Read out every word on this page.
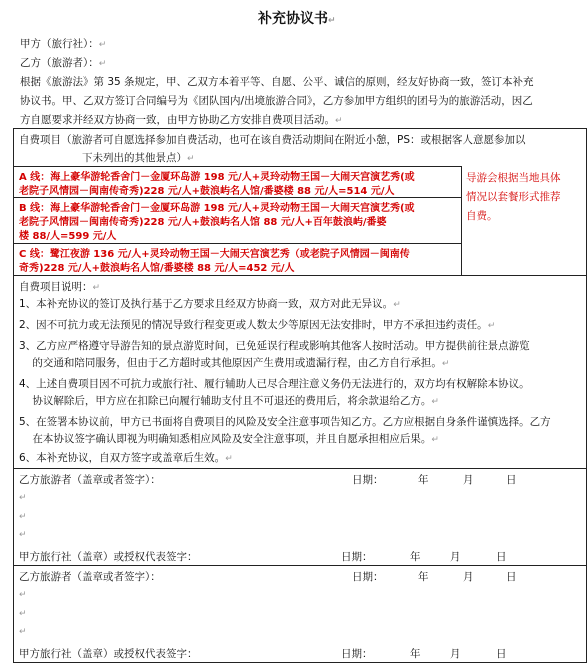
补充协议书↵
甲方（旅行社）：↵
乙方（旅游者）：↵
根据《旅游法》第 35 条规定，甲、乙双方本着平等、自愿、公平、诚信的原则，经友好协商一致，签订本补充
协议书。甲、乙双方签订合同编号为《团队国内/出境旅游合同》，乙方参加甲方组织的团号为的旅游活动，因乙
方自愿要求并经双方协商一致，由甲方协助乙方安排自费项目活动。↵
自费项目（旅游者可自愿选择参加自费活动，也可在该自费活动期间在附近小憩，PS：或根据客人意愿参加以
下未列出的其他景点）↵
A 线：海上豪华游轮香舍门－金厦环岛游 198 元/人+灵玲动物王国－大闹天宫演艺秀(或
老院子风情园－闽南传奇秀)228 元/人+鼓浪屿名人馆/番婆楼 88 元/人=514 元/人
B 线：海上豪华游轮香舍门－金厦环岛游 198 元/人+灵玲动物王国－大闹天宫演艺秀(或
老院子风情园－闽南传奇秀)228 元/人+鼓浪屿名人馆 88 元/人+百年鼓浪屿/番婆
楼 88/人=599 元/人
C 线：鹭江夜游 136 元/人+灵玲动物王国－大闹天宫演艺秀（或老院子风情园－闽南传
奇秀)228 元/人+鼓浪屿名人馆/番婆楼 88 元/人=452 元/人
导游会根据当地具体
情况以套餐形式推荐
自费。
自费项目说明：↵
1、本补充协议的签订及执行基于乙方要求且经双方协商一致，双方对此无异议。↵
2、因不可抗力或无法预见的情况导致行程变更或人数太少等原因无法安排时，甲方不承担违约责任。↵
3、乙方应严格遵守导游告知的景点游览时间，已免延误行程或影响其他客人按时活动。甲方提供前往景点游览
的交通和陪同服务，但由于乙方超时或其他原因产生费用或遗漏行程，由乙方自行承担。↵
4、上述自费项目因不可抗力或旅行社、履行辅助人已尽合理注意义务仍无法进行的，双方均有权解除本协议。
协议解除后，甲方应在扣除已向履行辅助支付且不可退还的费用后，将余款退给乙方。↵
5、在签署本协议前，甲方已书面将自费项目的风险及安全注意事项告知乙方。乙方应根据自身条件谨慎选择。乙方
在本协议签字确认即视为明确知悉相应风险及安全注意事项，并且自愿承担相应后果。↵
6、本补充协议，自双方签字或盖章后生效。↵
乙方旅游者（盖章或者签字）：	日期：	年	月	日
↵
↵
↵
甲方旅行社（盖章）或授权代表签字：	日期：	年	月	日
乙方旅游者（盖章或者签字）：	日期：	年	月	日
↵
↵
↵
甲方旅行社（盖章）或授权代表签字：	日期：	年	月	日
